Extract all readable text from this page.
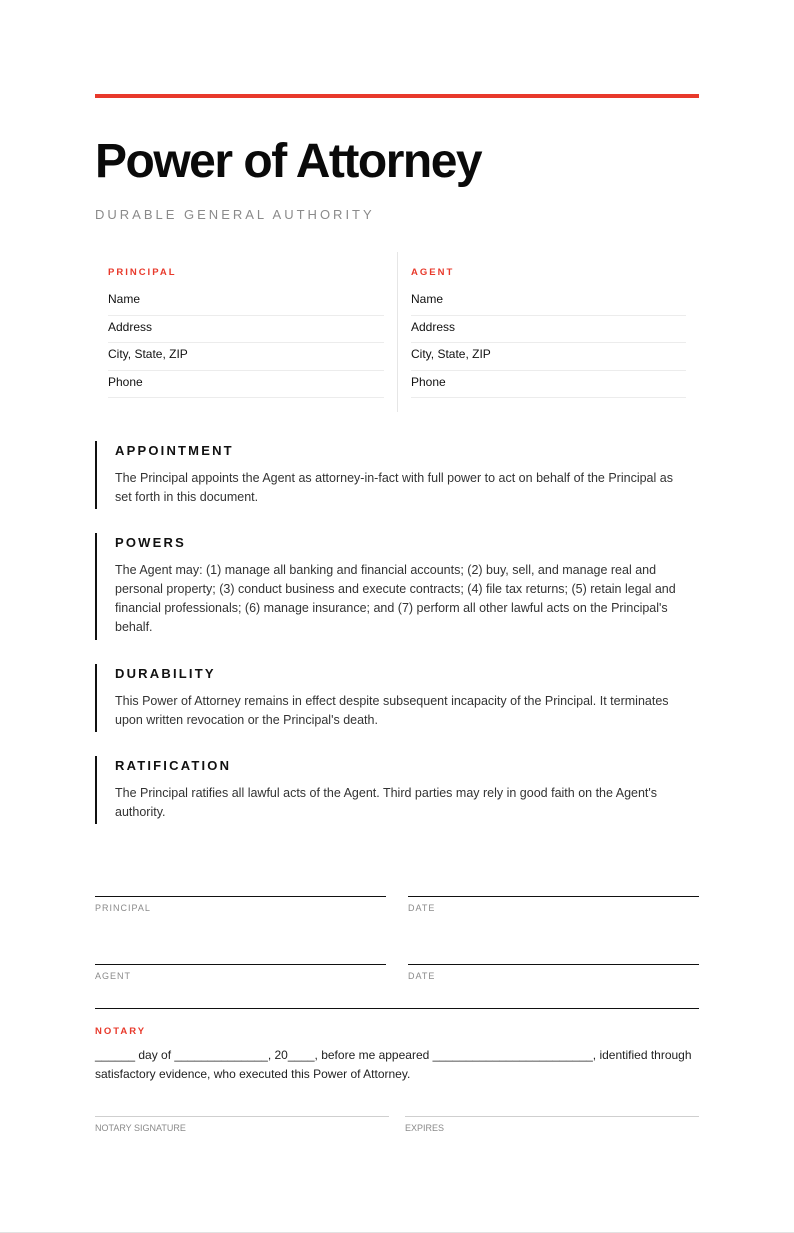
Power of Attorney
DURABLE GENERAL AUTHORITY
PRINCIPAL
Name
Address
City, State, ZIP
Phone
AGENT
Name
Address
City, State, ZIP
Phone
APPOINTMENT
The Principal appoints the Agent as attorney-in-fact with full power to act on behalf of the Principal as set forth in this document.
POWERS
The Agent may: (1) manage all banking and financial accounts; (2) buy, sell, and manage real and personal property; (3) conduct business and execute contracts; (4) file tax returns; (5) retain legal and financial professionals; (6) manage insurance; and (7) perform all other lawful acts on the Principal's behalf.
DURABILITY
This Power of Attorney remains in effect despite subsequent incapacity of the Principal. It terminates upon written revocation or the Principal's death.
RATIFICATION
The Principal ratifies all lawful acts of the Agent. Third parties may rely in good faith on the Agent's authority.
PRINCIPAL	DATE
AGENT	DATE
NOTARY
______ day of ______________, 20____, before me appeared ________________________, identified through satisfactory evidence, who executed this Power of Attorney.
NOTARY SIGNATURE	EXPIRES
